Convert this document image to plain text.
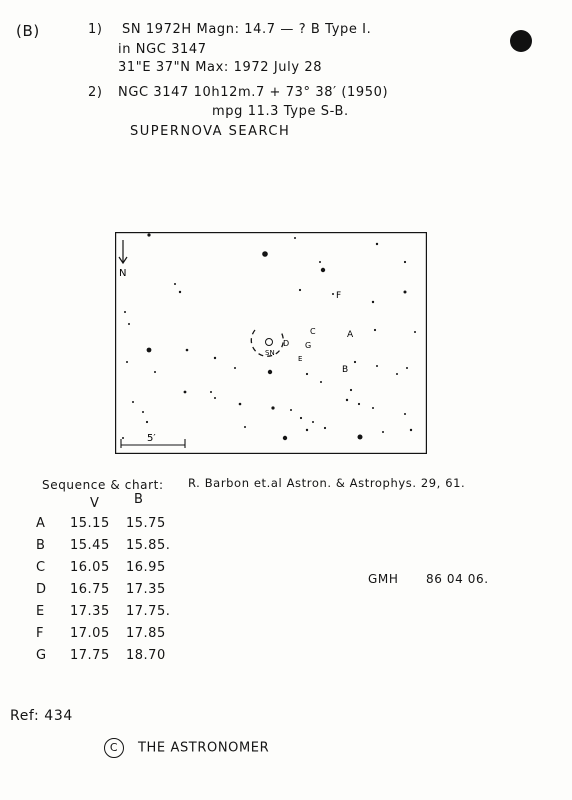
(B)	1) SN 1972H Magn: 14.7 — ? B Type I.
in NGC 3147
31"E 37"N Max: 1972 July 28
2) NGC 3147 10h12m.7 + 73° 38′ (1950)
mpg 11.3 Type S-B.
SUPERNOVA SEARCH
N
5′
SN
A
B
C
D
E
F
G
Sequence & chart: R. Barbon et.al Astron. & Astrophys. 29, 61.
V	B
A 15.15 15.75
B 15.45 15.85.
C 16.05 16.95
D 16.75 17.35
E 17.35 17.75.
F 17.05 17.85
G 17.75 18.70
GMH 86 04 06.
Ref: 434
C THE ASTRONOMER
